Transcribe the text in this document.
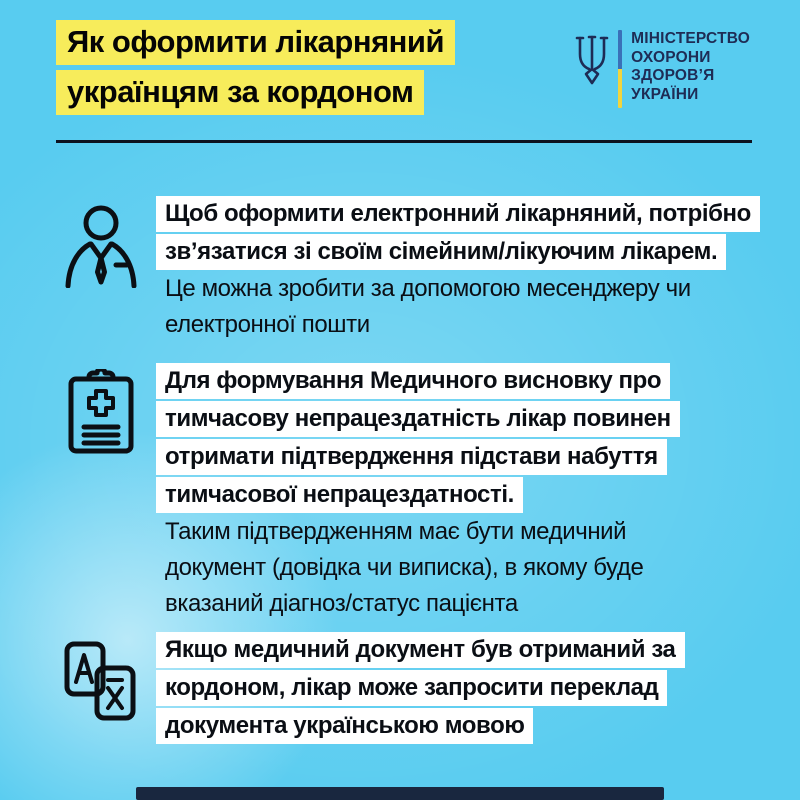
Як оформити лікарняний
українцям за кордоном
МІНІСТЕРСТВО
ОХОРОНИ
ЗДОРОВ’Я
УКРАЇНИ
Щоб оформити електронний лікарняний, потрібно
зв’язатися зі своїм сімейним/лікуючим лікарем.
Це можна зробити за допомогою месенджеру чи
електронної пошти
Для формування Медичного висновку про
тимчасову непрацездатність лікар повинен
отримати підтвердження підстави набуття
тимчасової непрацездатності.
Таким підтвердженням має бути медичний
документ (довідка чи виписка), в якому буде
вказаний діагноз/статус пацієнта
Якщо медичний документ був отриманий за
кордоном, лікар може запросити переклад
документа українською мовою
